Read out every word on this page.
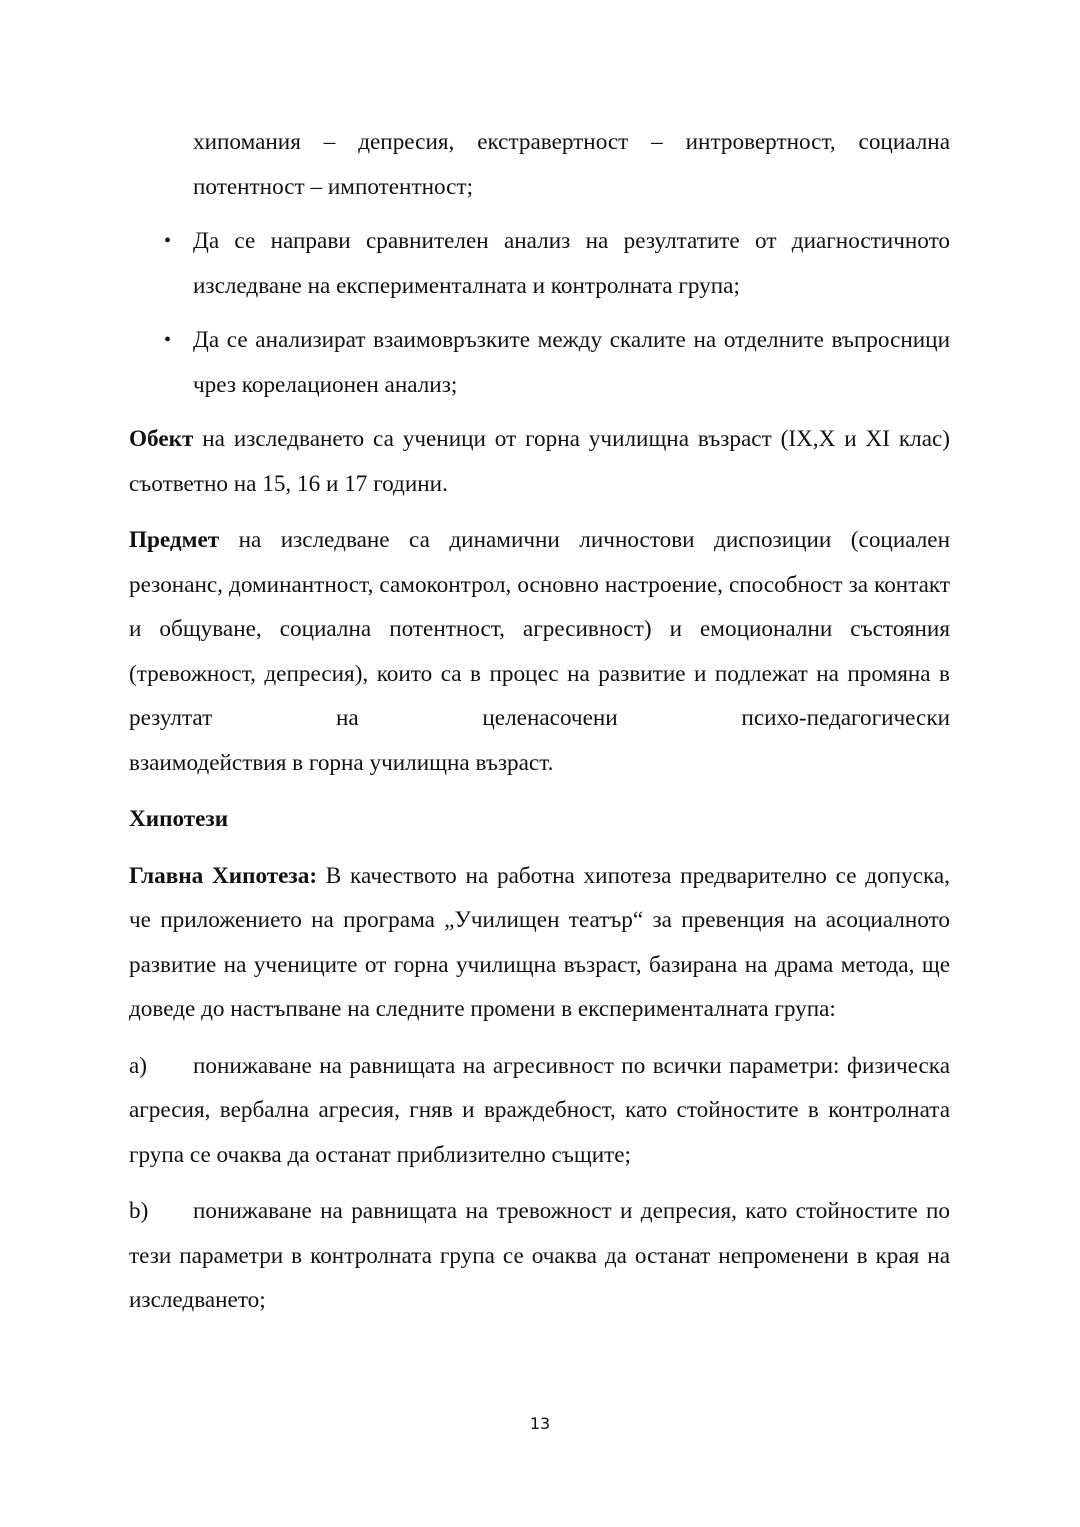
хипомания – депресия, екстравертност – интровертност, социална потентност – импотентност;

• Да се направи сравнителен анализ на резултатите от диагностичното изследване на експерименталната и контролната група;
• Да се анализират взаимовръзките между скалите на отделните въпросници чрез корелационен анализ;

Обект на изследването са ученици от горна училищна възраст (IX,X и XI клас) съответно на 15, 16 и 17 години.

Предмет на изследване са динамични личностови диспозиции (социален резонанс, доминантност, самоконтрол, основно настроение, способност за контакт и общуване, социална потентност, агресивност) и емоционални състояния (тревожност, депресия), които са в процес на развитие и подлежат на промяна в резултат на целенасочени психо-педагогически

взаимодействия в горна училищна възраст.

Хипотези

Главна Хипотеза: В качеството на работна хипотеза предварително се допуска, че приложението на програма „Училищен театър“ за превенция на асоциалното развитие на учениците от горна училищна възраст, базирана на драма метода, ще доведе до настъпване на следните промени в експерименталната група:

a) понижаване на равнищата на агресивност по всички параметри: физическа агресия, вербална агресия, гняв и враждебност, като стойностите в контролната група се очаква да останат приблизително същите;

b) понижаване на равнищата на тревожност и депресия, като стойностите по тези параметри в контролната група се очаква да останат непроменени в края на изследването;

13
